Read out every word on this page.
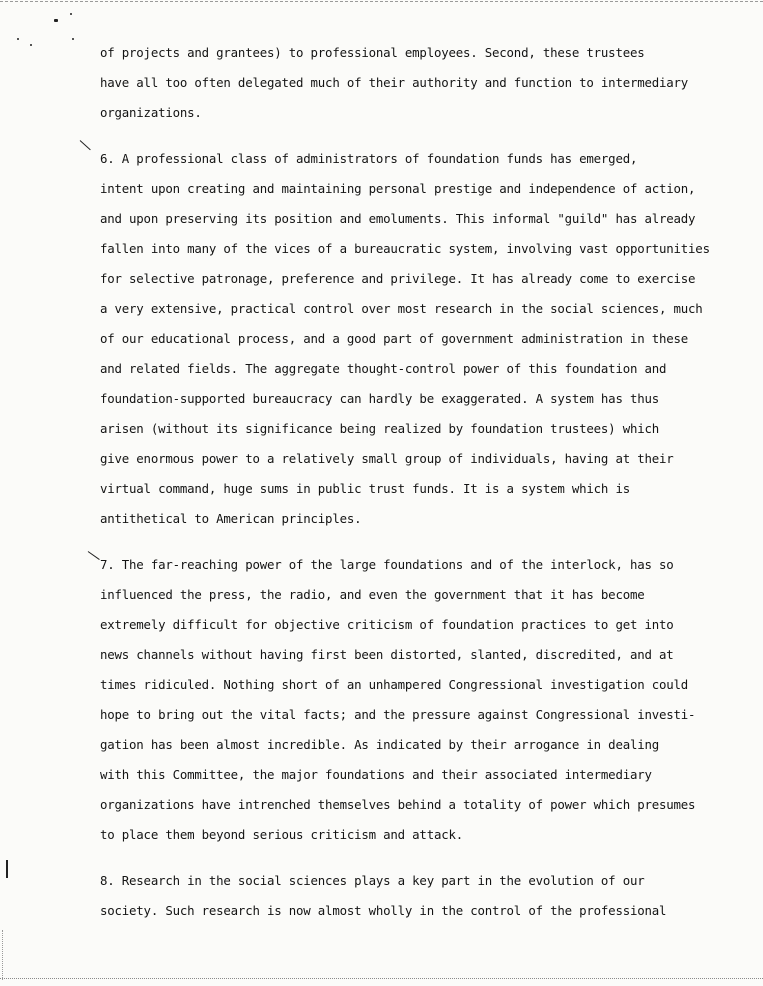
of projects and grantees) to professional employees. Second, these trustees
have all too often delegated much of their authority and function to intermediary
organizations.
6. A professional class of administrators of foundation funds has emerged,
intent upon creating and maintaining personal prestige and independence of action,
and upon preserving its position and emoluments. This informal "guild" has already
fallen into many of the vices of a bureaucratic system, involving vast opportunities
for selective patronage, preference and privilege. It has already come to exercise
a very extensive, practical control over most research in the social sciences, much
of our educational process, and a good part of government administration in these
and related fields. The aggregate thought-control power of this foundation and
foundation-supported bureaucracy can hardly be exaggerated. A system has thus
arisen (without its significance being realized by foundation trustees) which
give enormous power to a relatively small group of individuals, having at their
virtual command, huge sums in public trust funds. It is a system which is
antithetical to American principles.
7. The far-reaching power of the large foundations and of the interlock, has so
influenced the press, the radio, and even the government that it has become
extremely difficult for objective criticism of foundation practices to get into
news channels without having first been distorted, slanted, discredited, and at
times ridiculed. Nothing short of an unhampered Congressional investigation could
hope to bring out the vital facts; and the pressure against Congressional investi-
gation has been almost incredible. As indicated by their arrogance in dealing
with this Committee, the major foundations and their associated intermediary
organizations have intrenched themselves behind a totality of power which presumes
to place them beyond serious criticism and attack.
8. Research in the social sciences plays a key part in the evolution of our
society. Such research is now almost wholly in the control of the professional
